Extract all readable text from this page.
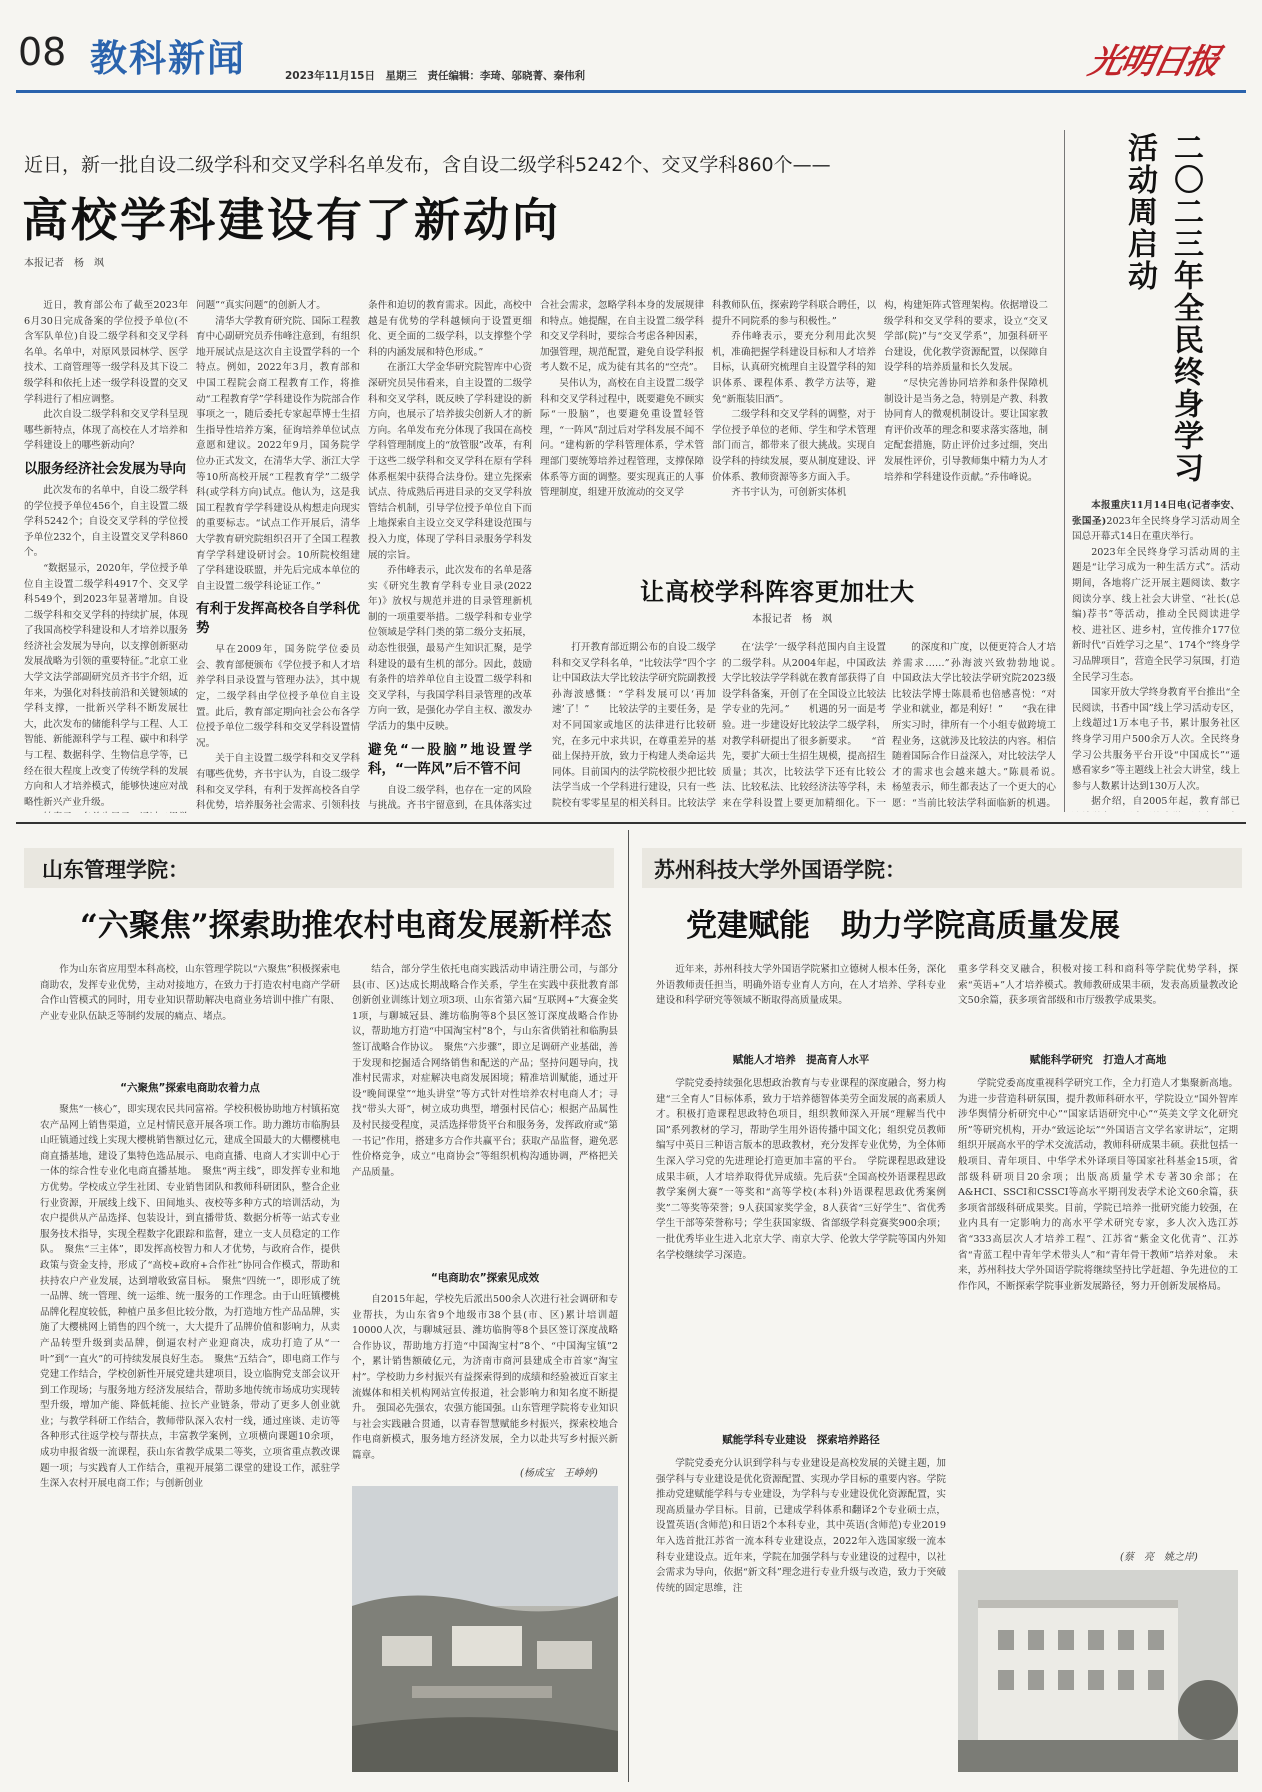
08 教科新闻	2023年11月15日　星期三　责任编辑：李琦、邬晓菁、秦伟利	光明日报
近日，新一批自设二级学科和交叉学科名单发布，含自设二级学科5242个、交叉学科860个——
高校学科建设有了新动向
本报记者　杨　飒

近日，教育部公布了截至2023年6月30日完成备案的学位授予单位(不含军队单位)自设二级学科和交叉学科名单。名单中，对原风景园林学、医学技术、工商管理等一级学科及其下设二级学科和依托上述一级学科设置的交叉学科进行了相应调整。

此次自设二级学科和交叉学科呈现哪些新特点，体现了高校在人才培养和学科建设上的哪些新动向？

以服务经济社会发展为导向

此次发布的名单中，自设二级学科的学位授予单位456个，自主设置二级学科5242个；自设交叉学科的学位授予单位232个，自主设置交叉学科860个。

“数据显示，2020年，学位授予单位自主设置二级学科4917个、交叉学科549个，到2023年显著增加。自设二级学科和交叉学科的持续扩展，体现了我国高校学科建设和人才培养以服务经济社会发展为导向，以支撑创新驱动发展战略为引领的重要特征。”北京工业大学文法学部副研究员齐书宇介绍，近年来，为强化对科技前沿和关键领域的学科支撑，一批新兴学科不断发展壮大，此次发布的储能科学与工程、人工智能、新能源科学与工程、碳中和科学与工程、数据科学、生物信息学等，已经在很大程度上改变了传统学科的发展方向和人才培养模式，能够快速应对战略性新兴产业升级。

问题”“真实问题”的创新人才。

清华大学教育研究院、国际工程教育中心副研究员乔伟峰注意到，有组织地开展试点是这次自主设置学科的一个特点。例如，2022年3月，教育部和中国工程院会商工程教育工作，将推动“工程教育学”学科建设作为院部合作事项之一，随后委托专家起草博士生招生指导性培养方案，征询培养单位试点意愿和建议。2022年9月，国务院学位办正式发文，在清华大学、浙江大学等10所高校开展“工程教育学”二级学科(或学科方向)试点。他认为，这是我国工程教育学学科建设从构想走向现实的重要标志。“试点工作开展后，清华大学教育研究院组织召开了全国工程教育学学科建设研讨会。10所院校组建了学科建设联盟，并先后完成本单位的自主设置二级学科论证工作。”

有利于发挥高校各自学科优势

早在2009年，国务院学位委员会、教育部便颁布《学位授予和人才培养学科目录设置与管理办法》，其中规定，二级学科由学位授予单位自主设置。此后，教育部定期向社会公布各学位授予单位二级学科和交叉学科设置情况。

关于自主设置二级学科和交叉学科有哪些优势，齐书宇认为，自设二级学科和交叉学科，有利于发挥高校各自学科优势，培养服务社会需求、引领科技

条件和迫切的教育需求。因此，高校中越是有优势的学科越倾向于设置更细化、更全面的二级学科，以支撑整个学科的内涵发展和特色形成。”

在浙江大学金华研究院智库中心资深研究员吴伟看来，自主设置的二级学科和交叉学科，既反映了学科建设的新方向，也展示了培养拔尖创新人才的新方向。名单发布充分体现了我国在高校学科管理制度上的“放管服”改革，有利于这些二级学科和交叉学科在原有学科体系框架中获得合法身份。建立先探索试点、待成熟后再进目录的交叉学科放管结合机制，引导学位授予单位自下而上地探索自主设立交叉学科建设范围与投入力度，体现了学科目录服务学科发展的宗旨。

乔伟峰表示，此次发布的名单是落实《研究生教育学科专业目录(2022年)》放权与规范并进的目录管理新机制的一项重要举措。二级学科和专业学位领域是学科门类的第二级分支拓展，动态性很强，最易产生知识汇聚，是学科建设的最有生机的部分。因此，鼓励有条件的培养单位自主设置二级学科和交叉学科，与我国学科目录管理的改革方向一致，是强化办学自主权、激发办学活力的集中反映。

避免“一股脑”地设置学科，“一阵风”后不管不问

自设二级学科，也存在一定的风险与挑战。齐书宇留意到，在具体落实过

合社会需求，忽略学科本身的发展规律和特点。她提醒，在自主设置二级学科和交叉学科时，要综合考虑各种因素，加强管理，规范配置，避免自设学科报考人数不足，成为徒有其名的“空壳”。

吴伟认为，高校在自主设置二级学科和交叉学科过程中，既要避免不顾实际“一股脑”，也要避免重设置轻管理，“一阵风”刮过后对学科发展不闻不问。“建构新的学科管理体系，学术管理部门要统筹培养过程管理，支撑保障体系等方面的调整。要实现真正的人事管理制度，组建开放流动的交叉学

科教师队伍，探索跨学科联合聘任，以提升不同院系的参与积极性。”

乔伟峰表示，要充分利用此次契机，准确把握学科建设目标和人才培养目标，认真研究梳理自主设置学科的知识体系、课程体系、教学方法等，避免“新瓶装旧酒”。

二级学科和交叉学科的调整，对于学位授予单位的老师、学生和学术管理部门而言，都带来了很大挑战。实现自设学科的持续发展，要从制度建设、评价体系、教师资源等多方面入手。

齐书宇认为，可创新实体机

构，构建矩阵式管理架构。依据增设二级学科和交叉学科的要求，设立“交叉学部(院)”与“交叉学系”，加强科研平台建设，优化教学资源配置，以保障自设学科的培养质量和长久发展。

“尽快完善协同培养和条件保障机制设计是当务之急，特别是产教、科教协同育人的微观机制设计。要让国家教育评价改革的理念和要求落实落地，制定配套措施，防止评价过多过细，突出发展性评价，引导教师集中精力为人才培养和学科建设作贡献。”乔伟峰说。

让高校学科阵容更加壮大
本报记者　杨　飒
打开教育部近期公布的自设二级学科和交叉学科名单，“比较法学”四个字让中国政法大学比较法学研究院副教授孙海波感慨：“学科发展可以‘再加速’了！”　　比较法学的主要任务，是对不同国家或地区的法律进行比较研究，在多元中求共识，在尊重差异的基础上保持开放，致力于构建人类命运共同体。目前国内的法学院校很少把比较法学当成一个学科进行建设，只有一些院校有零零星星的相关科目。比较法学
在‘法学’一级学科范围内自主设置的二级学科。从2004年起，中国政法大学比较法学学科就在教育部获得了自设学科备案，开创了在全国设立比较法学专业的先河。”　　机遇的另一面是考验。进一步建设好比较法学二级学科，对教学科研提出了很多新要求。　　“首先，要扩大硕士生招生规模，提高招生质量；其次，比较法学下还有比较公法、比较私法、比较经济法等学科，未来在学科设置上要更加精细化。下一
的深度和广度，以便更符合人才培养需求……”孙海波兴致勃勃地说。　　中国政法大学比较法学研究院2023级比较法学博士陈晨希也倍感喜悦：“对学业和就业，都是利好！”　　“我在律所实习时，律所有一个小组专做跨境工程业务，这就涉及比较法的内容。相信随着国际合作日益深入，对比较法学人才的需求也会越来越大。”陈晨希说。　　杨堃表示，师生都表达了一个更大的心愿：“当前比较法学科面临新的机遇。
二〇二三年全民终身学习活动周启动

本报重庆11月14日电(记者李安、张国圣)2023年全民终身学习活动周全国总开幕式14日在重庆举行。

2023年全民终身学习活动周的主题是“让学习成为一种生活方式”。活动期间，各地将广泛开展主题阅读、数字阅读分享、线上社会大讲堂、“社长(总编)荐书”等活动，推动全民阅读进学校、进社区、进乡村，宣传推介177位新时代“百姓学习之星”、174个“终身学习品牌项目”，营造全民学习氛围，打造全民学习生态。

国家开放大学终身教育平台推出“全民阅读，书香中国”线上学习活动专区，上线超过1万本电子书，累计服务社区终身学习用户500余万人次。全民终身学习公共服务平台开设“中国成长”“遥感看家乡”等主题线上社会大讲堂，线上参与人数累计达到130万人次。

据介绍，自2005年起，教育部已

山东管理学院：
“六聚焦”探索助推农村电商发展新样态
作为山东省应用型本科高校，山东管理学院以“六聚焦”积极探索电商助农，发挥专业优势，主动对接地方，在致力于打造农村电商产学研合作山管模式的同时，用专业知识帮助解决电商业务培训中推广有限、产业专业队伍缺乏等制约发展的痛点、堵点。
“六聚焦”探索电商助农着力点
聚焦“一核心”，即实现农民共同富裕。学校积极协助地方村镇拓宽农产品网上销售渠道，立足村情民意开展各项工作。助力潍坊市临朐县山旺镇通过线上实现大樱桃销售额过亿元，建成全国最大的大棚樱桃电商直播基地，建设了集特色选品展示、电商直播、电商人才实训中心于一体的综合性专业化电商直播基地。　聚焦“两主线”，即发挥专业和地方优势。学校成立学生社团、专业销售团队和教师科研团队，整合企业行业资源，开展线上线下、田间地头、夜校等多种方式的培训活动，为农户提供从产品选择、包装设计，到直播带货、数据分析等一站式专业服务技术指导，实现全程数字化跟踪和监督，建立一支人员稳定的工作队。　聚焦“三主体”，即发挥高校智力和人才优势，与政府合作，提供政策与资金支持，形成了“高校+政府+合作社”协同合作模式，帮助和扶持农户产业发展，达到增收致富目标。　聚焦“四统一”，即形成了统一品牌、统一管理、统一运维、统一服务的工作理念。由于山旺镇樱桃品牌化程度较低，种植户虽多但比较分散，为打造地方性产品品牌，实施了大樱桃网上销售的四个统一，大大提升了品牌价值和影响力，从卖产品转型升级到卖品牌，倒逼农村产业迎商决，成功打造了从“一叶”到“一直火”的可持续发展良好生态。　聚焦“五结合”，即电商工作与党建工作结合，学校创新性开展党建共建项目，设立临朐党支部会议开到工作现场；与服务地方经济发展结合，帮助多地传统市场成功实现转型升级，增加产能、降低耗能、拉长产业链条，带动了更多人创业就业；与教学科研工作结合，教师带队深入农村一线，通过座谈、走访等各种形式往返学校与帮扶点，丰富教学案例，立项横向课题10余项，成功申报省级一流课程，获山东省教学成果二等奖，立项省重点教改课题一项；与实践育人工作结合，重视开展第二课堂的建设工作，派驻学生深入农村开展电商工作；与创新创业
结合，部分学生依托电商实践活动申请注册公司，与部分县(市、区)达成长期战略合作关系，学生在实践中获批教育部创新创业训练计划立项3项、山东省第六届“互联网+”大赛金奖1项，与聊城冠县、潍坊临朐等8个县区签订深度战略合作协议，帮助地方打造“中国淘宝村”8个，与山东省供销社和临朐县签订战略合作协议。　聚焦“六步骤”，即立足调研产业基础，善于发现和挖掘适合网络销售和配送的产品；坚持问题导向，找准村民需求，对症解决电商发展困境；精准培训赋能，通过开设“晚间课堂”“地头讲堂”等方式针对性培养农村电商人才；寻找“带头大哥”，树立成功典型，增强村民信心；根据产品属性及村民接受程度，灵活选择带货平台和服务务，发挥政府或“第一书记”作用，搭建多方合作共赢平台；获取产品监督，避免恶性价格竞争，成立“电商协会”等组织机构沟通协调，严格把关产品质量。
“电商助农”探索见成效
自2015年起，学校先后派出500余人次进行社会调研和专业帮扶，为山东省9个地级市38个县(市、区)累计培训超10000人次，与聊城冠县、潍坊临朐等8个县区签订深度战略合作协议，帮助地方打造“中国淘宝村”8个、“中国淘宝镇”2个，累计销售额破亿元，为济南市商河县建成全市首家“淘宝村”。学校助力乡村振兴有益探索得到的成绩和经验被近百家主流媒体和相关机构网站宣传报道，社会影响力和知名度不断提升。　强国必先强农，农强方能国强。山东管理学院将专业知识与社会实践融合贯通，以青春智慧赋能乡村振兴，探索校地合作电商新模式，服务地方经济发展，全力以赴共写乡村振兴新篇章。
(杨成宝　王峥婷)
苏州科技大学外国语学院：
党建赋能　助力学院高质量发展
近年来，苏州科技大学外国语学院紧扣立德树人根本任务，深化外语教师责任担当，明确外语专业育人方向，在人才培养、学科专业建设和科学研究等领域不断取得高质量成果。
重多学科交叉融合，积极对接工科和商科等学院优势学科，探索“英语+”人才培养模式。教师教研成果丰硕，发表高质量教改论文50余篇，获多项省部级和市厅级教学成果奖。
赋能人才培养　提高育人水平
学院党委持续强化思想政治教育与专业课程的深度融合，努力构建“三全育人”目标体系，致力于培养德智体美劳全面发展的高素质人才。积极打造课程思政特色项目，组织教师深入开展“理解当代中国”系列教材的学习，帮助学生用外语传播中国文化；组织党员教师编写中英日三种语言版本的思政教材，充分发挥专业优势，为全体师生深入学习党的先进理论打造更加丰富的平台。　学院课程思政建设成果丰硕，人才培养取得优异成绩。先后获“全国高校外语课程思政教学案例大赛”一等奖和“高等学校(本科)外语课程思政优秀案例奖”二等奖等荣誉；9人获国家奖学金，8人获省“三好学生”、省优秀学生干部等荣誉称号；学生获国家级、省部级学科竞赛奖900余项；一批优秀毕业生进入北京大学、南京大学、伦敦大学学院等国内外知名学校继续学习深造。
赋能学科专业建设　探索培养路径
学院党委充分认识到学科与专业建设是高校发展的关键主题，加强学科与专业建设是优化资源配置、实现办学目标的重要内容。学院推动党建赋能学科与专业建设，为学科与专业建设优化资源配置，实现高质量办学目标。目前，已建成学科体系和翻译2个专业硕士点，设置英语(含师范)和日语2个本科专业，其中英语(含师范)专业2019年入选首批江苏省一流本科专业建设点，2022年入选国家级一流本科专业建设点。近年来，学院在加强学科与专业建设的过程中，以社会需求为导向，依据“新文科”理念进行专业升级与改造，致力于突破传统的固定思维，注
赋能科学研究　打造人才高地
学院党委高度重视科学研究工作，全力打造人才集聚新高地。为进一步营造科研氛围，提升教师科研水平，学院设立“国外智库涉华舆情分析研究中心”“国家话语研究中心”“英美文学文化研究所”等研究机构，开办“致远论坛”“外国语言文学名家讲坛”，定期组织开展高水平的学术交流活动，教师科研成果丰硕。获批包括一般项目、青年项目、中华学术外译项目等国家社科基金15项，省部级科研项目20余项；出版高质量学术专著30余部；在A&HCI、SSCI和CSSCI等高水平期刊发表学术论文60余篇，获多项省部级科研成果奖。目前，学院已培养一批研究能力较强，在业内具有一定影响力的高水平学术研究专家，多人次入选江苏省“333高层次人才培养工程”、江苏省“紫金文化优青”、江苏省“青蓝工程中青年学术带头人”和“青年骨干教师”培养对象。　未来，苏州科技大学外国语学院将继续坚持比学赶超、争先进位的工作作风，不断探索学院事业新发展路径，努力开创新发展格局。
(蔡　亮　姚之岸)
